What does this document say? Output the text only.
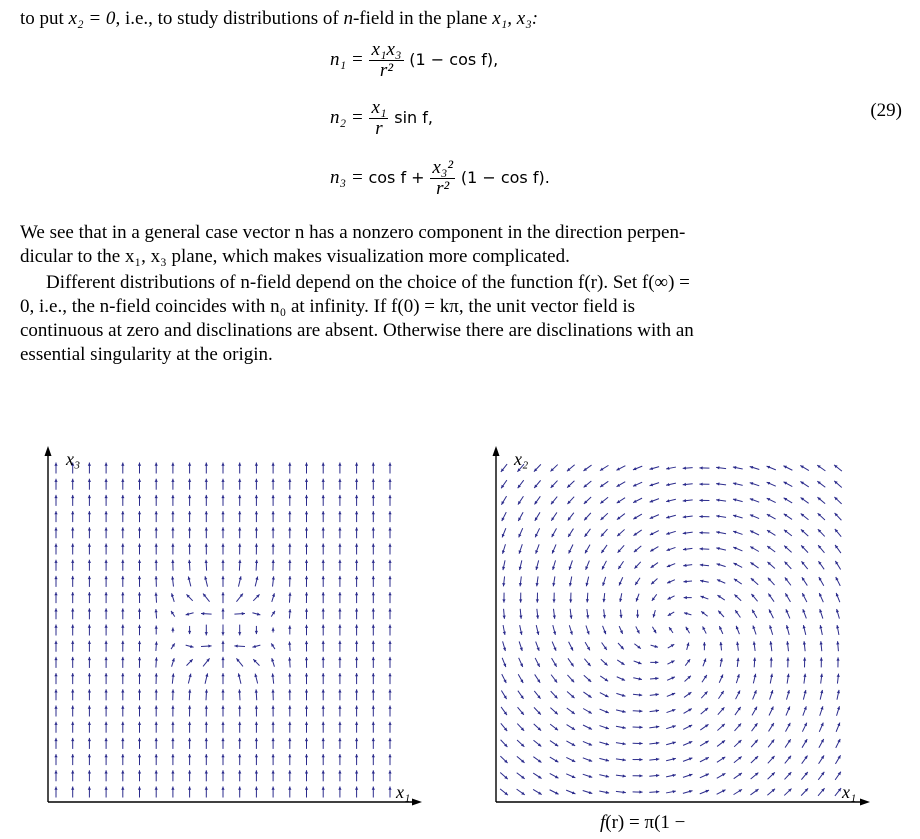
to put x₂ = 0, i.e., to study distributions of n-field in the plane x₁, x₃:
$n_1 = \frac{\text{x₁x₃}}{\text{r²}} (1 - \cos f)$,
$n_2 = \frac{\text{x₁}}{r}$ sin f,
$n_3 = \cos f + \frac{\text{x₃²}}{\text{r²}} (1 - \cos f)$.
(29)
We see that in a general case vector n has a nonzero component in the direction perpen-
dicular to the x₁, x₃ plane, which makes visualization more complicated.
Different distributions of n-field depend on the choice of the function f(r). Set f(∞) =
0, i.e., the n-field coincides with n₀ at infinity. If f(0) = kπ, the unit vector field is
continuous at zero and disclinations are absent. Otherwise there are disclinations with an
essential singularity at the origin.
x₃
x₁
x₂
x₁
f(r) = π(1 −
